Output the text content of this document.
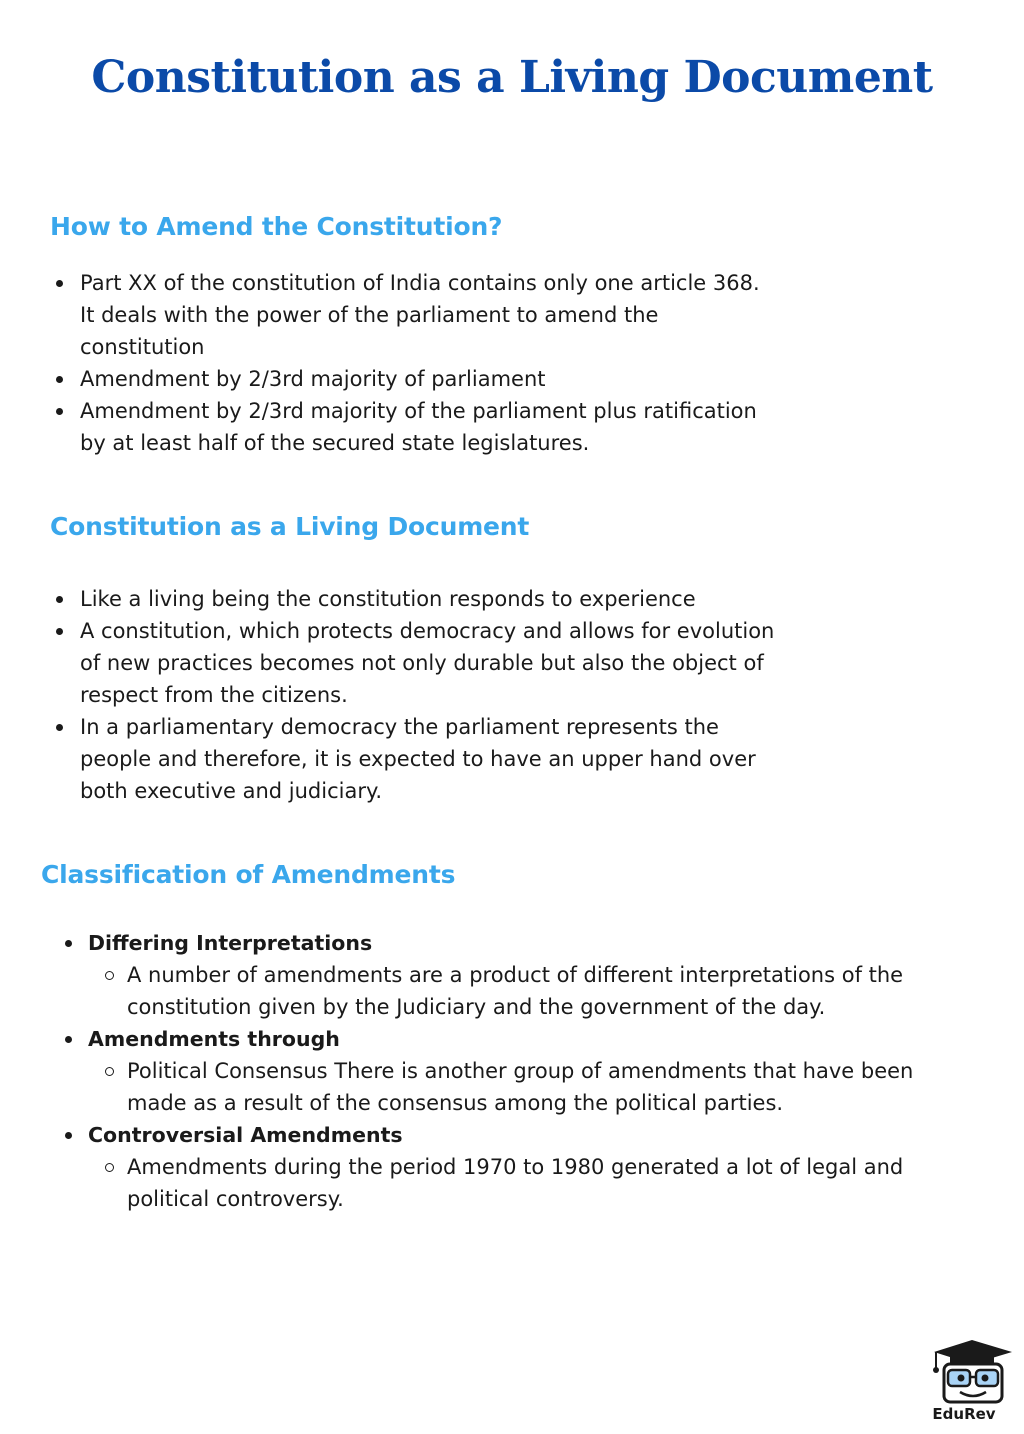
Constitution as a Living Document
How to Amend the Constitution?
Part XX of the constitution of India contains only one article 368. It deals with the power of the parliament to amend the constitution
Amendment by 2/3rd majority of parliament
Amendment by 2/3rd majority of the parliament plus ratification by at least half of the secured state legislatures.
Constitution as a Living Document
Like a living being the constitution responds to experience
A constitution, which protects democracy and allows for evolution of new practices becomes not only durable but also the object of respect from the citizens.
In a parliamentary democracy the parliament represents the people and therefore, it is expected to have an upper hand over both executive and judiciary.
Classification of Amendments
Differing Interpretations
A number of amendments are a product of different interpretations of the constitution given by the Judiciary and the government of the day.
Amendments through
Political Consensus There is another group of amendments that have been made as a result of the consensus among the political parties.
Controversial Amendments
Amendments during the period 1970 to 1980 generated a lot of legal and political controversy.
EduRev
